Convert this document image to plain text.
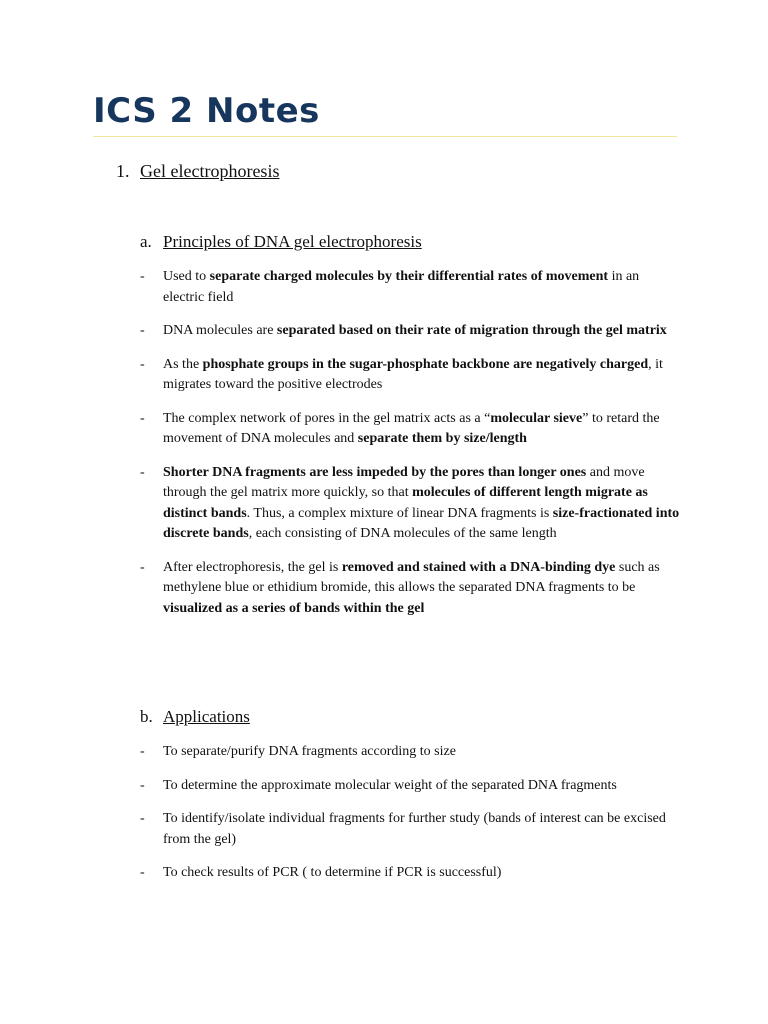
ICS 2 Notes
1. Gel electrophoresis
a. Principles of DNA gel electrophoresis
- Used to separate charged molecules by their differential rates of movement in an electric field
- DNA molecules are separated based on their rate of migration through the gel matrix
- As the phosphate groups in the sugar-phosphate backbone are negatively charged, it migrates toward the positive electrodes
- The complex network of pores in the gel matrix acts as a “molecular sieve” to retard the movement of DNA molecules and separate them by size/length
- Shorter DNA fragments are less impeded by the pores than longer ones and move through the gel matrix more quickly, so that molecules of different length migrate as distinct bands. Thus, a complex mixture of linear DNA fragments is size-fractionated into discrete bands, each consisting of DNA molecules of the same length
- After electrophoresis, the gel is removed and stained with a DNA-binding dye such as methylene blue or ethidium bromide, this allows the separated DNA fragments to be visualized as a series of bands within the gel
b. Applications
- To separate/purify DNA fragments according to size
- To determine the approximate molecular weight of the separated DNA fragments
- To identify/isolate individual fragments for further study (bands of interest can be excised from the gel)
- To check results of PCR ( to determine if PCR is successful)
